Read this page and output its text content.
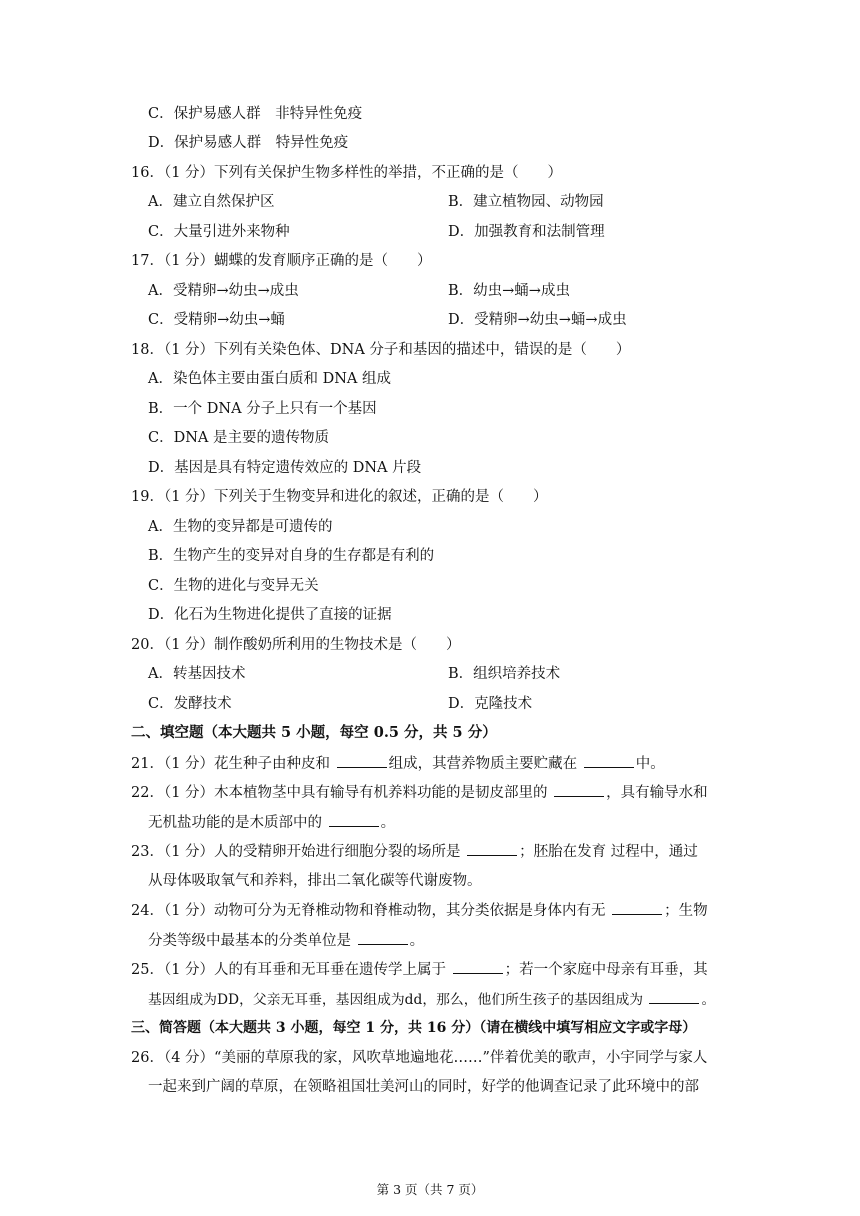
C．保护易感人群　非特异性免疫
D．保护易感人群　特异性免疫
16．（1 分）下列有关保护生物多样性的举措，不正确的是（　　）
A．建立自然保护区	B．建立植物园、动物园
C．大量引进外来物种	D．加强教育和法制管理
17．（1 分）蝴蝶的发育顺序正确的是（　　）
A．受精卵→幼虫→成虫	B．幼虫→蛹→成虫
C．受精卵→幼虫→蛹	D．受精卵→幼虫→蛹→成虫
18．（1 分）下列有关染色体、DNA 分子和基因的描述中，错误的是（　　）
A．染色体主要由蛋白质和 DNA 组成
B．一个 DNA 分子上只有一个基因
C．DNA 是主要的遗传物质
D．基因是具有特定遗传效应的 DNA 片段
19．（1 分）下列关于生物变异和进化的叙述，正确的是（　　）
A．生物的变异都是可遗传的
B．生物产生的变异对自身的生存都是有利的
C．生物的进化与变异无关
D．化石为生物进化提供了直接的证据
20．（1 分）制作酸奶所利用的生物技术是（　　）
A．转基因技术	B．组织培养技术
C．发酵技术	D．克隆技术
二、填空题（本大题共 5 小题，每空 0.5 分，共 5 分）
21．（1 分）花生种子由种皮和	组成，其营养物质主要贮藏在	中。
22．（1 分）木本植物茎中具有输导有机养料功能的是韧皮部里的	，具有输导水和
无机盐功能的是木质部中的	。
23．（1 分）人的受精卵开始进行细胞分裂的场所是	；胚胎在发育 过程中，通过
从母体吸取氧气和养料，排出二氧化碳等代谢废物。
24．（1 分）动物可分为无脊椎动物和脊椎动物，其分类依据是身体内有无	；生物
分类等级中最基本的分类单位是	。
25．（1 分）人的有耳垂和无耳垂在遗传学上属于	；若一个家庭中母亲有耳垂，其
基因组成为DD，父亲无耳垂，基因组成为dd，那么，他们所生孩子的基因组成为	。
三、简答题（本大题共 3 小题，每空 1 分，共 16 分）（请在横线中填写相应文字或字母）
26．（4 分）“美丽的草原我的家，风吹草地遍地花……”伴着优美的歌声，小宇同学与家人
一起来到广阔的草原，在领略祖国壮美河山的同时，好学的他调查记录了此环境中的部
第 3 页（共 7 页）
